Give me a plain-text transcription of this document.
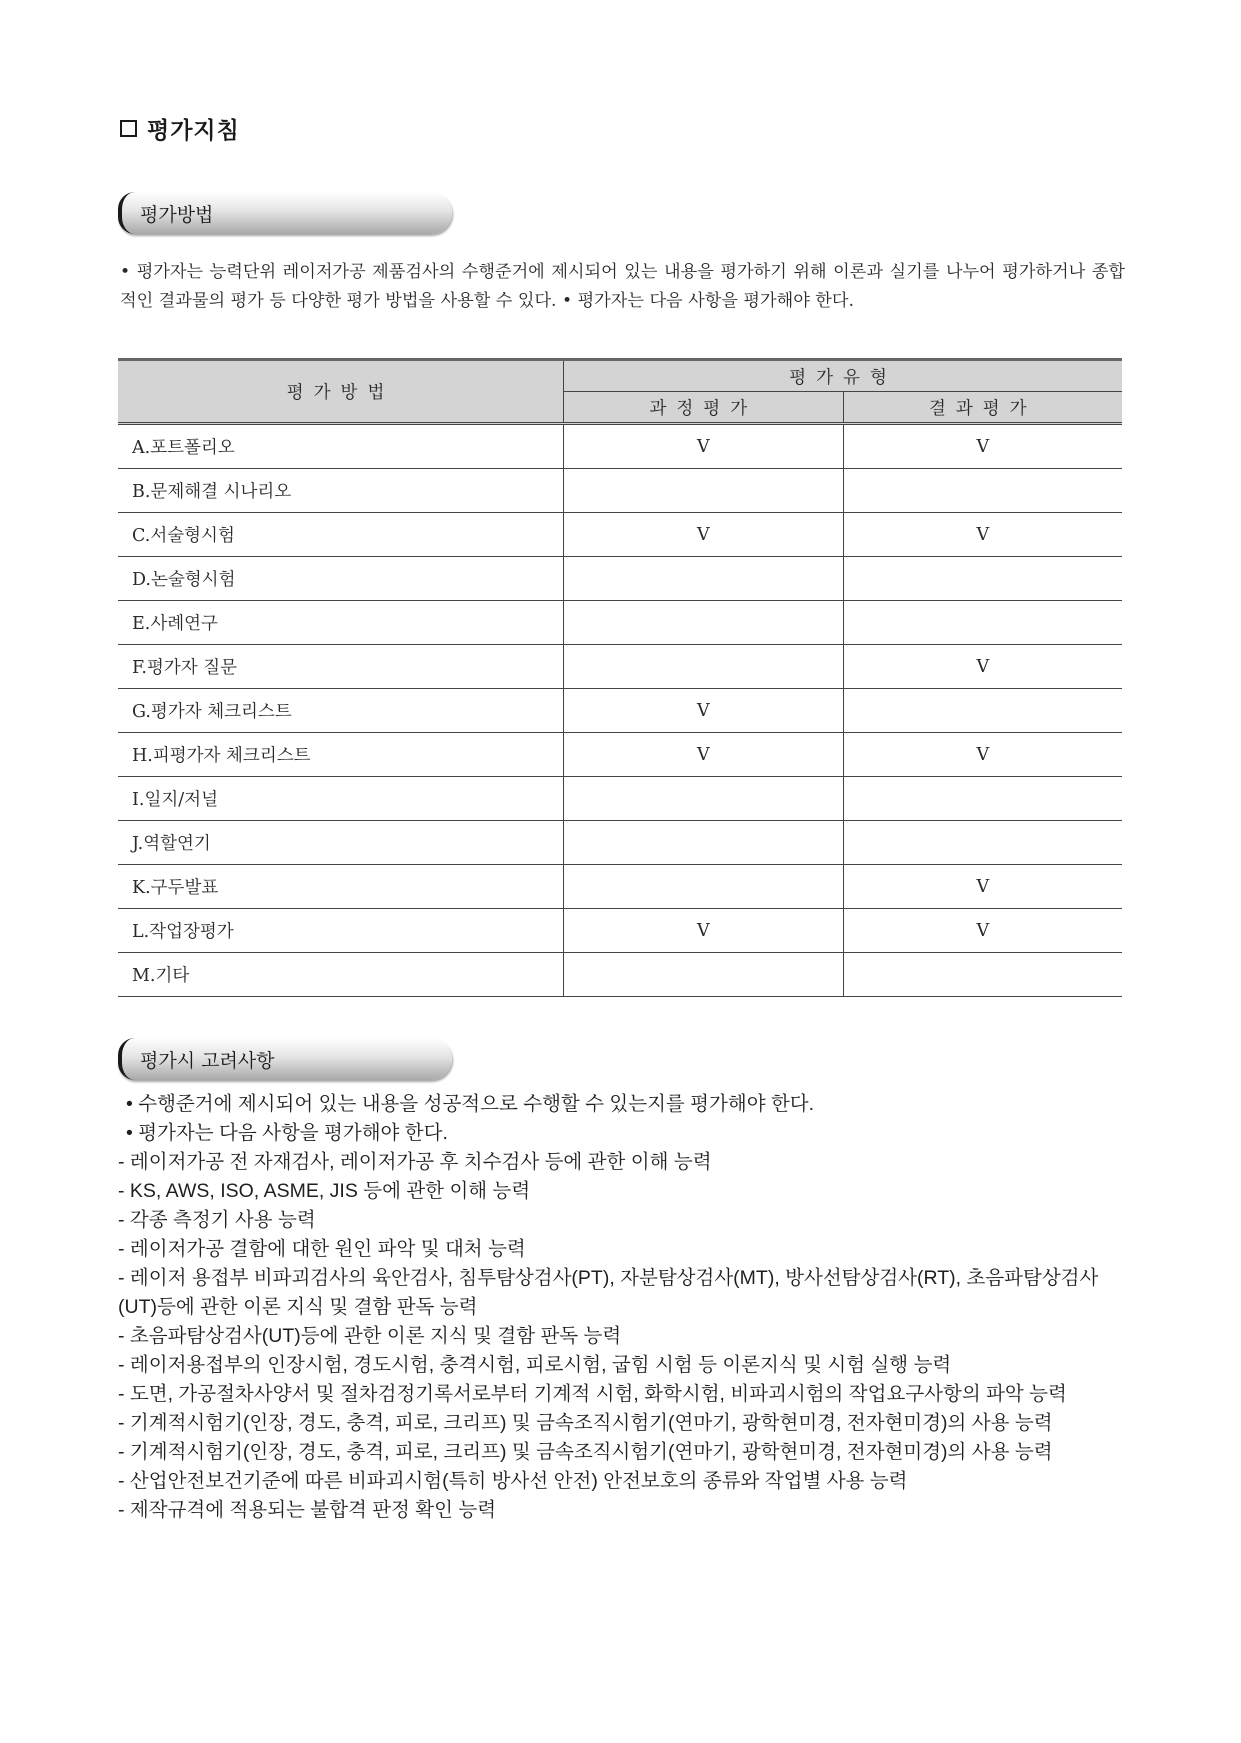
평가지침
평가방법
• 평가자는 능력단위 레이저가공 제품검사의 수행준거에 제시되어 있는 내용을 평가하기 위해 이론과 실기를 나누어 평가하거나 종합적인 결과물의 평가 등 다양한 평가 방법을 사용할 수 있다. • 평가자는 다음 사항을 평가해야 한다.
평가방법	평가유형	
	과정평가	결과평가
A.포트폴리오	V	V
B.문제해결 시나리오		
C.서술형시험	V	V
D.논술형시험		
E.사례연구		
F.평가자 질문		V
G.평가자 체크리스트	V	
H.피평가자 체크리스트	V	V
I.일지/저널		
J.역할연기		
K.구두발표		V
L.작업장평가	V	V
M.기타		
평가시 고려사항

• 수행준거에 제시되어 있는 내용을 성공적으로 수행할 수 있는지를 평가해야 한다.

• 평가자는 다음 사항을 평가해야 한다.

- 레이저가공 전 자재검사, 레이저가공 후 치수검사 등에 관한 이해 능력

- KS, AWS, ISO, ASME, JIS 등에 관한 이해 능력

- 각종 측정기 사용 능력

- 레이저가공 결함에 대한 원인 파악 및 대처 능력

- 레이저 용접부 비파괴검사의 육안검사, 침투탐상검사(PT), 자분탐상검사(MT), 방사선탐상검사(RT), 초음파탐상검사(UT)등에 관한 이론 지식 및 결함 판독 능력

- 초음파탐상검사(UT)등에 관한 이론 지식 및 결함 판독 능력

- 레이저용접부의 인장시험, 경도시험, 충격시험, 피로시험, 굽힘 시험 등 이론지식 및 시험 실행 능력

- 도면, 가공절차사양서 및 절차검정기록서로부터 기계적 시험, 화학시험, 비파괴시험의 작업요구사항의 파악 능력

- 기계적시험기(인장, 경도, 충격, 피로, 크리프) 및 금속조직시험기(연마기, 광학현미경, 전자현미경)의 사용 능력

- 기계적시험기(인장, 경도, 충격, 피로, 크리프) 및 금속조직시험기(연마기, 광학현미경, 전자현미경)의 사용 능력

- 산업안전보건기준에 따른 비파괴시험(특히 방사선 안전) 안전보호의 종류와 작업별 사용 능력

- 제작규격에 적용되는 불합격 판정 확인 능력
